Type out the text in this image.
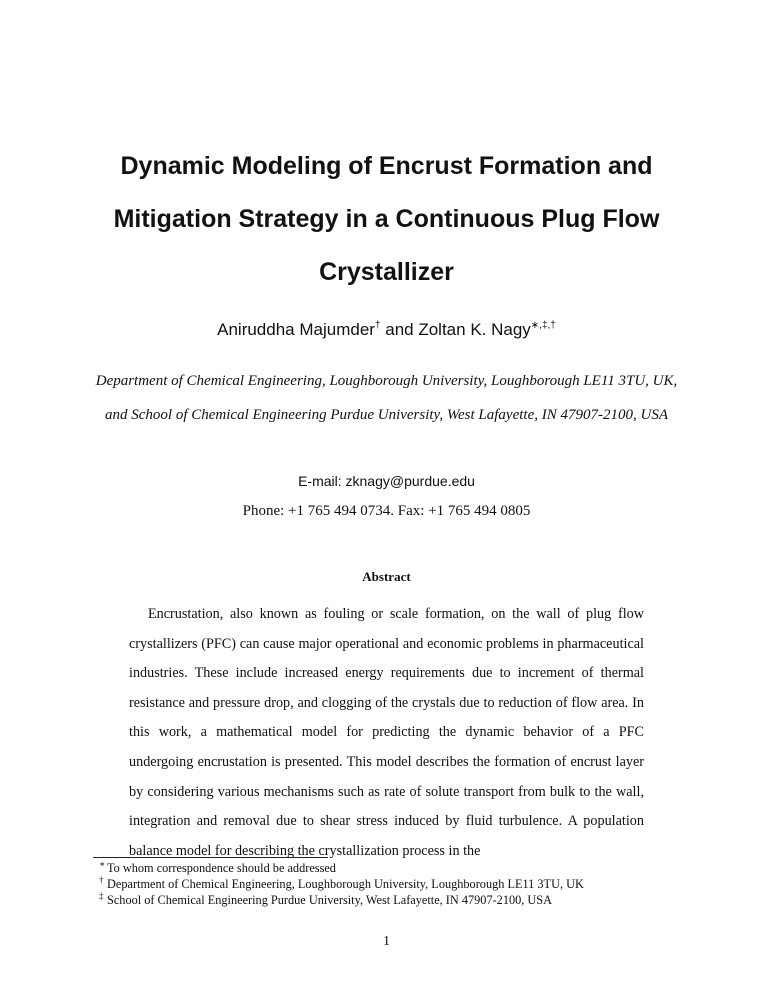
Dynamic Modeling of Encrust Formation and Mitigation Strategy in a Continuous Plug Flow Crystallizer
Aniruddha Majumder† and Zoltan K. Nagy∗,‡,†

Department of Chemical Engineering, Loughborough University, Loughborough LE11 3TU, UK, and School of Chemical Engineering Purdue University, West Lafayette, IN 47907-2100, USA

E-mail: zknagy@purdue.edu
Phone: +1 765 494 0734. Fax: +1 765 494 0805
Abstract

Encrustation, also known as fouling or scale formation, on the wall of plug flow crystallizers (PFC) can cause major operational and economic problems in pharmaceutical industries. These include increased energy requirements due to increment of thermal resistance and pressure drop, and clogging of the crystals due to reduction of flow area. In this work, a mathematical model for predicting the dynamic behavior of a PFC undergoing encrustation is presented. This model describes the formation of encrust layer by considering various mechanisms such as rate of solute transport from bulk to the wall, integration and removal due to shear stress induced by fluid turbulence. A population balance model for describing the crystallization process in the

∗ To whom correspondence should be addressed
† Department of Chemical Engineering, Loughborough University, Loughborough LE11 3TU, UK
‡ School of Chemical Engineering Purdue University, West Lafayette, IN 47907-2100, USA
1
